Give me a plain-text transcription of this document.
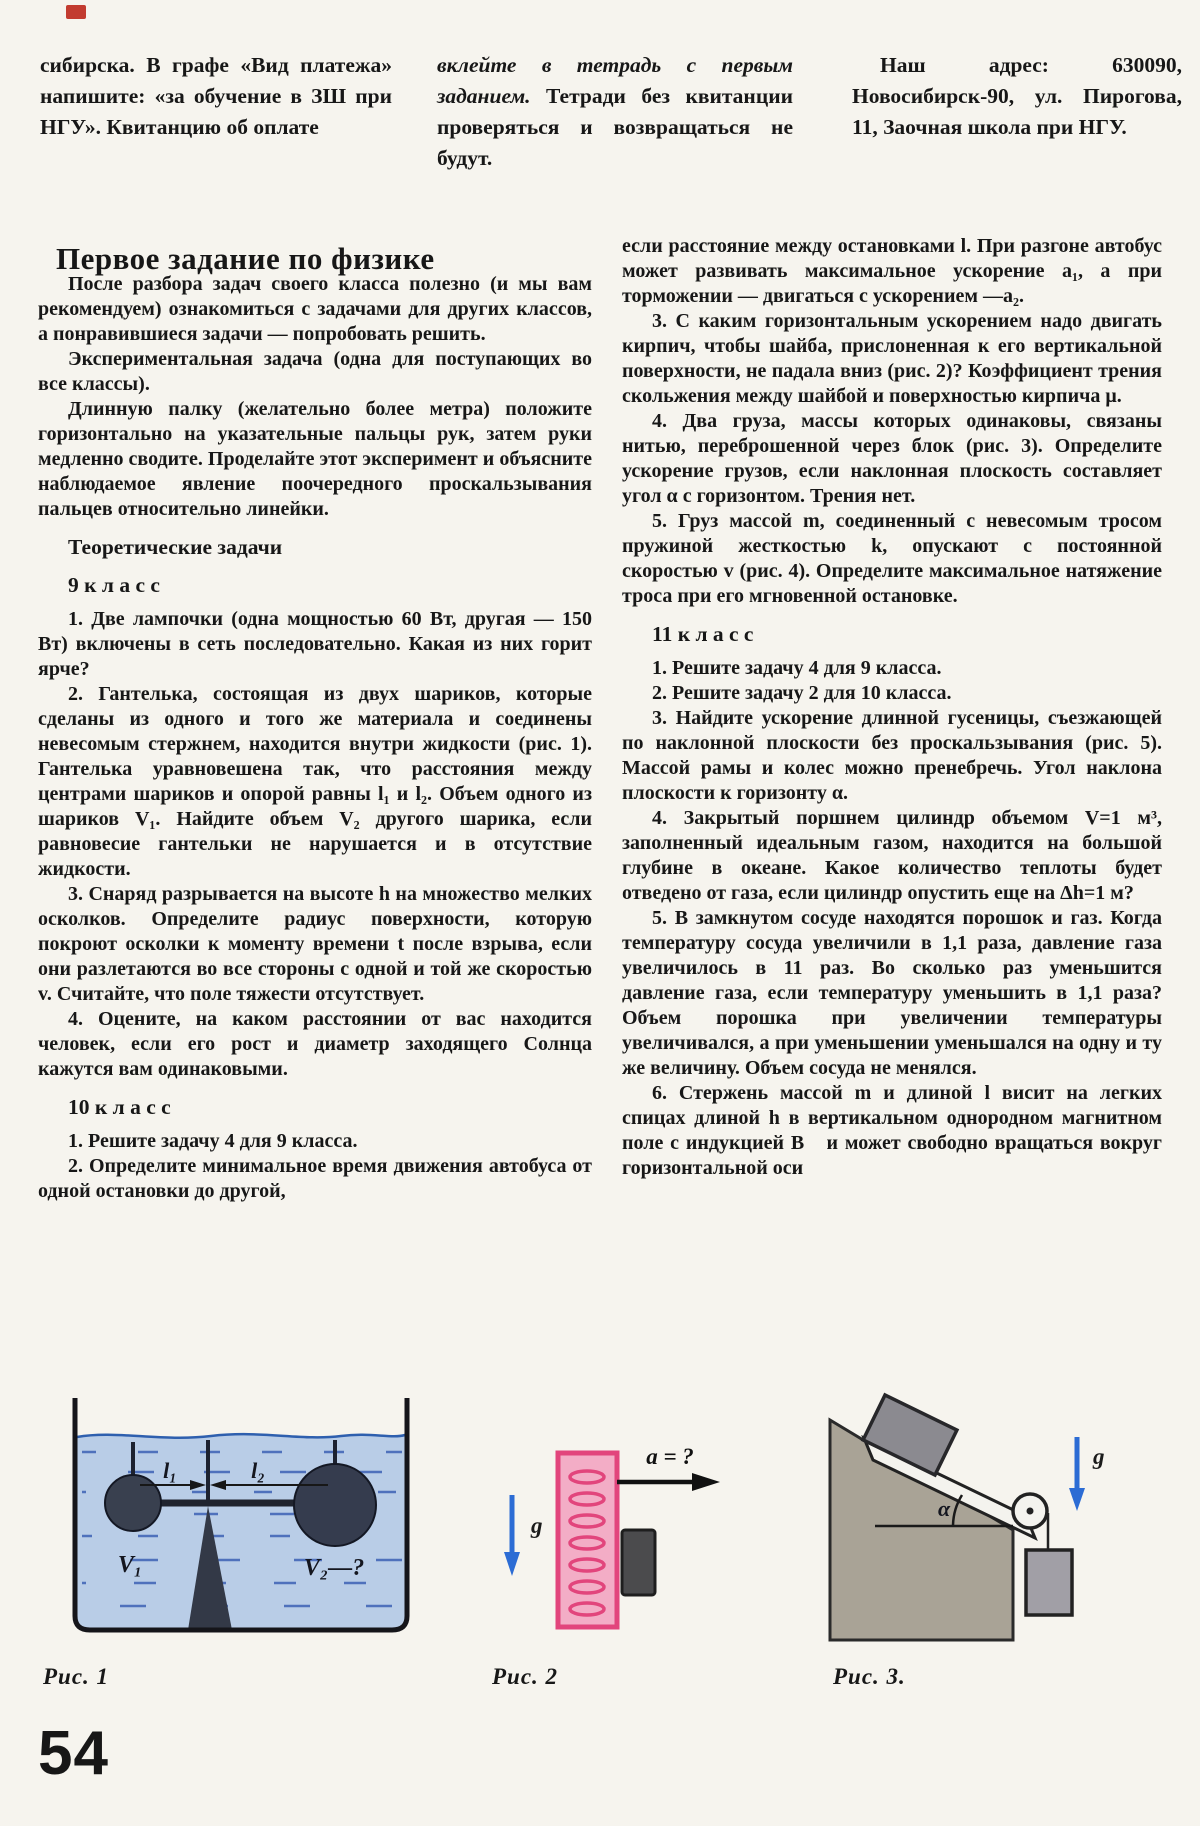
сибирска. В графе «Вид платежа» напишите: «за обучение в ЗШ при НГУ». Квитанцию об оплате

вклейте в тетрадь с первым заданием. Тетради без квитанции проверяться и возвращаться не будут.

Наш адрес: 630090, Новосибирск-90, ул. Пирогова, 11, Заочная школа при НГУ.

Первое задание по физике

После разбора задач своего класса полезно (и мы вам рекомендуем) ознакомиться с задачами для других классов, а понравившиеся задачи — попробовать решить.

Экспериментальная задача (одна для поступающих во все классы).

Длинную палку (желательно более метра) положите горизонтально на указательные пальцы рук, затем руки медленно сводите. Проделайте этот эксперимент и объясните наблюдаемое явление поочередного проскальзывания пальцев относительно линейки.

Теоретические задачи

9 к л а с с

1. Две лампочки (одна мощностью 60 Вт, другая — 150 Вт) включены в сеть последовательно. Какая из них горит ярче?

2. Гантелька, состоящая из двух шариков, которые сделаны из одного и того же материала и соединены невесомым стержнем, находится внутри жидкости (рис. 1). Гантелька уравновешена так, что расстояния между центрами шариков и опорой равны l₁ и l₂. Объем одного из шариков V₁. Найдите объем V₂ другого шарика, если равновесие гантельки не нарушается и в отсутствие жидкости.

3. Снаряд разрывается на высоте h на множество мелких осколков. Определите радиус поверхности, которую покроют осколки к моменту времени t после взрыва, если они разлетаются во все стороны с одной и той же скоростью v. Считайте, что поле тяжести отсутствует.

4. Оцените, на каком расстоянии от вас находится человек, если его рост и диаметр заходящего Солнца кажутся вам одинаковыми.

10 к л а с с

1. Решите задачу 4 для 9 класса.

2. Определите минимальное время движения автобуса от одной остановки до другой,

если расстояние между остановками l. При разгоне автобус может развивать максимальное ускорение a₁, а при торможении — двигаться с ускорением —a₂.

3. С каким горизонтальным ускорением надо двигать кирпич, чтобы шайба, прислоненная к его вертикальной поверхности, не падала вниз (рис. 2)? Коэффициент трения скольжения между шайбой и поверхностью кирпича μ.

4. Два груза, массы которых одинаковы, связаны нитью, переброшенной через блок (рис. 3). Определите ускорение грузов, если наклонная плоскость составляет угол α с горизонтом. Трения нет.

5. Груз массой m, соединенный с невесомым тросом пружиной жесткостью k, опускают с постоянной скоростью v (рис. 4). Определите максимальное натяжение троса при его мгновенной остановке.

11 к л а с с

1. Решите задачу 4 для 9 класса.

2. Решите задачу 2 для 10 класса.

3. Найдите ускорение длинной гусеницы, съезжающей по наклонной плоскости без проскальзывания (рис. 5). Массой рамы и колес можно пренебречь. Угол наклона плоскости к горизонту α.

4. Закрытый поршнем цилиндр объемом V=1 м³, заполненный идеальным газом, находится на большой глубине в океане. Какое количество теплоты будет отведено от газа, если цилиндр опустить еще на Δh=1 м?

5. В замкнутом сосуде находятся порошок и газ. Когда температуру сосуда увеличили в 1,1 раза, давление газа увеличилось в 11 раз. Во сколько раз уменьшится давление газа, если температуру уменьшить в 1,1 раза? Объем порошка при увеличении температуры увеличивался, а при уменьшении уменьшался на одну и ту же величину. Объем сосуда не менялся.

6. Стержень массой m и длиной l висит на легких спицах длиной h в вертикальном однородном магнитном поле с индукцией B⃗ и может свободно вращаться вокруг горизонтальной оси

l₁	l₂
V₁	V₂—?
g
a = ?
α
g
Рис. 1	Рис. 2	Рис. 3.
54
